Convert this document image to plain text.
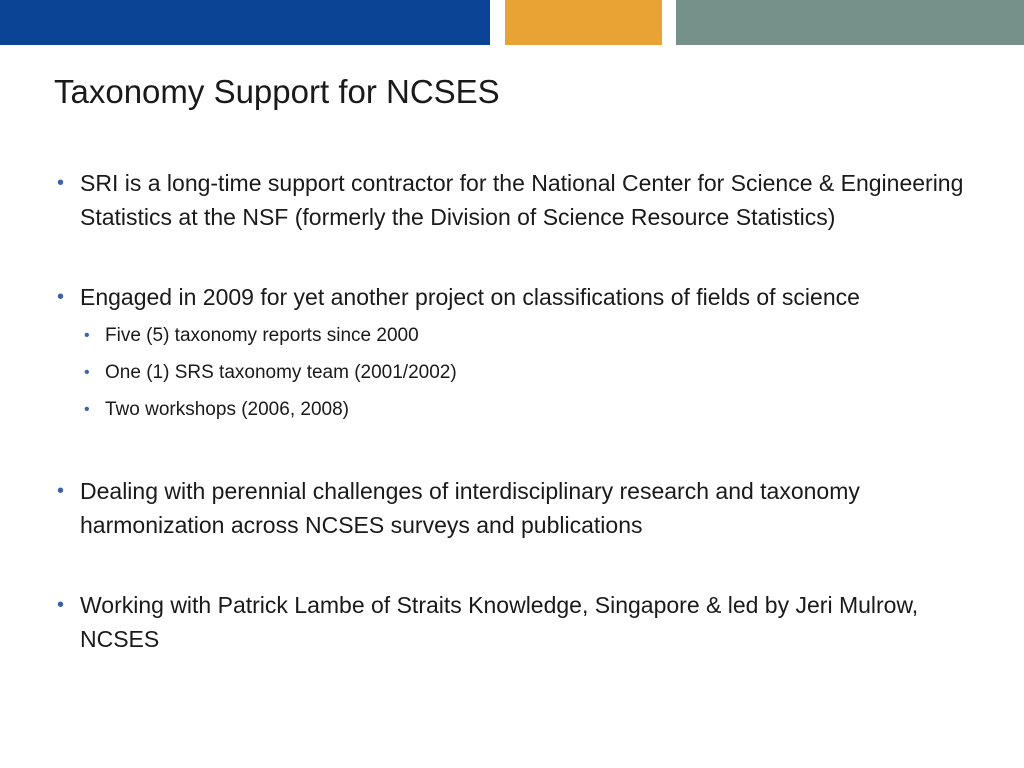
Taxonomy Support for NCSES
• SRI is a long-time support contractor for the National Center for Science & Engineering Statistics at the NSF (formerly the Division of Science Resource Statistics)
• Engaged in 2009 for yet another project on classifications of fields of science
• Five (5) taxonomy reports since 2000
• One (1) SRS taxonomy team (2001/2002)
• Two workshops (2006, 2008)
• Dealing with perennial challenges of interdisciplinary research and taxonomy harmonization across NCSES surveys and publications
• Working with Patrick Lambe of Straits Knowledge, Singapore & led by Jeri Mulrow, NCSES
